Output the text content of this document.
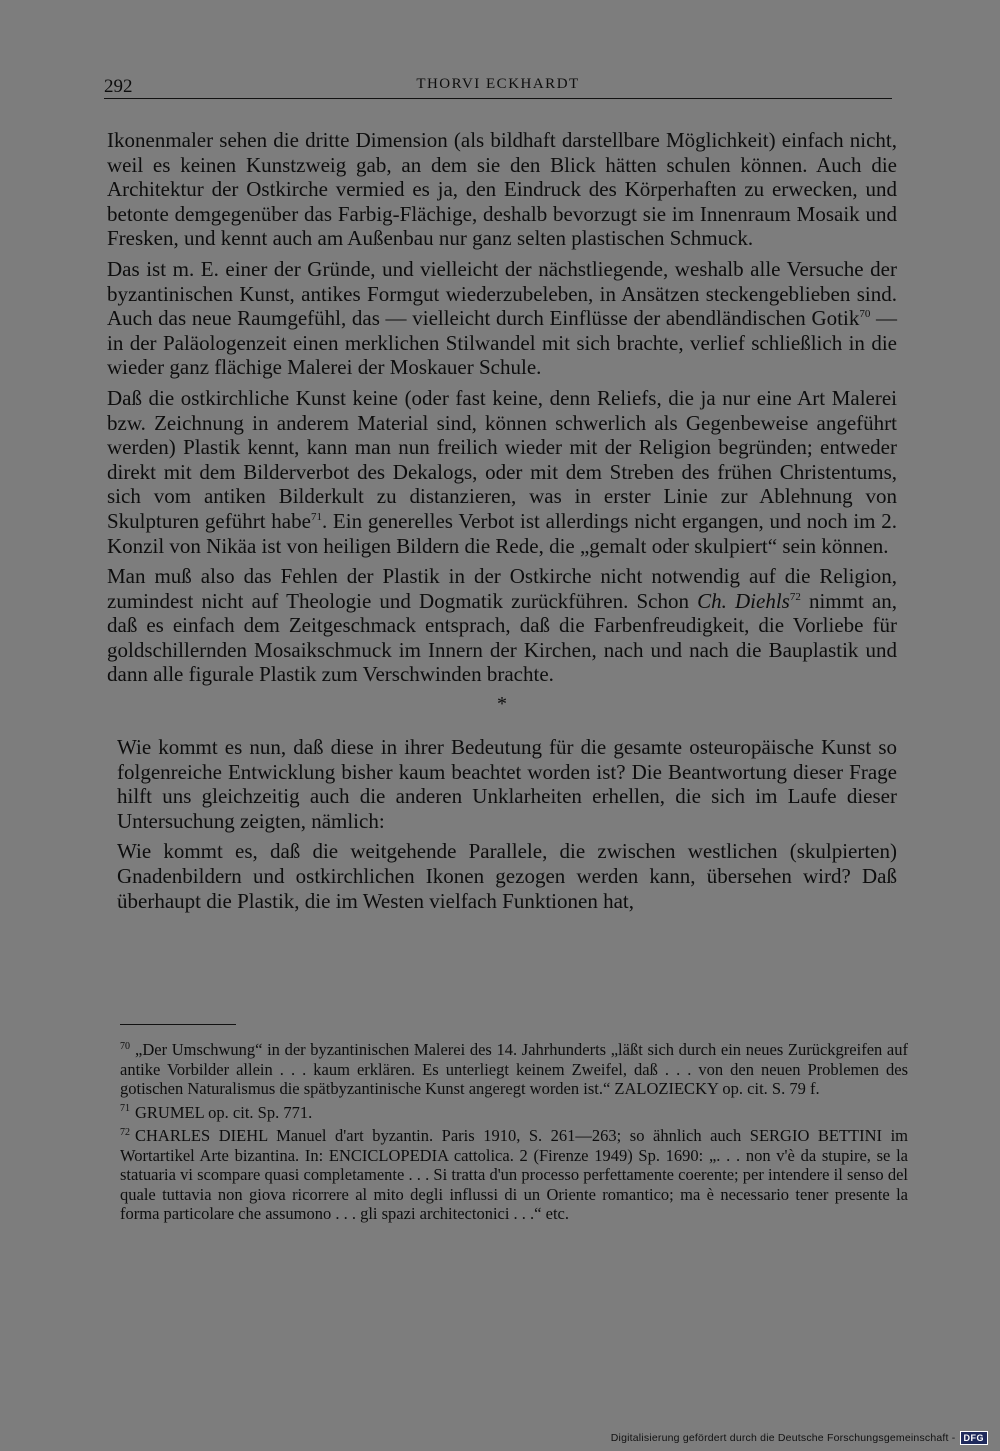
292	THORVI ECKHARDT

Ikonenmaler sehen die dritte Dimension (als bildhaft darstellbare Möglichkeit) einfach nicht, weil es keinen Kunstzweig gab, an dem sie den Blick hätten schulen können. Auch die Architektur der Ostkirche vermied es ja, den Eindruck des Körperhaften zu erwecken, und betonte demgegenüber das Farbig-Flächige, deshalb bevorzugt sie im Innenraum Mosaik und Fresken, und kennt auch am Außenbau nur ganz selten plastischen Schmuck.

Das ist m. E. einer der Gründe, und vielleicht der nächstliegende, weshalb alle Versuche der byzantinischen Kunst, antikes Formgut wiederzubeleben, in Ansätzen steckengeblieben sind. Auch das neue Raumgefühl, das — vielleicht durch Einflüsse der abendländischen Gotik$^{70}$ — in der Paläologenzeit einen merklichen Stilwandel mit sich brachte, verlief schließlich in die wieder ganz flächige Malerei der Moskauer Schule.

Daß die ostkirchliche Kunst keine (oder fast keine, denn Reliefs, die ja nur eine Art Malerei bzw. Zeichnung in anderem Material sind, können schwerlich als Gegenbeweise angeführt werden) Plastik kennt, kann man nun freilich wieder mit der Religion begründen; entweder direkt mit dem Bilderverbot des Dekalogs, oder mit dem Streben des frühen Christentums, sich vom antiken Bilderkult zu distanzieren, was in erster Linie zur Ablehnung von Skulpturen geführt habe$^{71}$. Ein generelles Verbot ist allerdings nicht ergangen, und noch im 2. Konzil von Nikäa ist von heiligen Bildern die Rede, die „gemalt oder skulpiert“ sein können.

Man muß also das Fehlen der Plastik in der Ostkirche nicht notwendig auf die Religion, zumindest nicht auf Theologie und Dogmatik zurückführen. Schon Ch. Diehls$^{72}$ nimmt an, daß es einfach dem Zeitgeschmack entsprach, daß die Farbenfreudigkeit, die Vorliebe für goldschillernden Mosaikschmuck im Innern der Kirchen, nach und nach die Bauplastik und dann alle figurale Plastik zum Verschwinden brachte.

*

Wie kommt es nun, daß diese in ihrer Bedeutung für die gesamte osteuropäische Kunst so folgenreiche Entwicklung bisher kaum beachtet worden ist? Die Beantwortung dieser Frage hilft uns gleichzeitig auch die anderen Unklarheiten erhellen, die sich im Laufe dieser Untersuchung zeigten, nämlich:

Wie kommt es, daß die weitgehende Parallele, die zwischen westlichen (skulpierten) Gnadenbildern und ostkirchlichen Ikonen gezogen werden kann, übersehen wird? Daß überhaupt die Plastik, die im Westen vielfach Funktionen hat,

$^{70}$ „Der Umschwung“ in der byzantinischen Malerei des 14. Jahrhunderts „läßt sich durch ein neues Zurückgreifen auf antike Vorbilder allein . . . kaum erklären. Es unterliegt keinem Zweifel, daß . . . von den neuen Problemen des gotischen Naturalismus die spätbyzantinische Kunst angeregt worden ist.“ ZALOZIECKY op. cit. S. 79 f.

$^{71}$ GRUMEL op. cit. Sp. 771.

$^{72}$ CHARLES DIEHL Manuel d'art byzantin. Paris 1910, S. 261—263; so ähnlich auch SERGIO BETTINI im Wortartikel Arte bizantina. In: ENCICLOPEDIA cattolica. 2 (Firenze 1949) Sp. 1690: „. . . non v'è da stupire, se la statuaria vi scompare quasi completamente . . . Si tratta d'un processo perfettamente coerente; per intendere il senso del quale tuttavia non giova ricorrere al mito degli influssi di un Oriente romantico; ma è necessario tener presente la forma particolare che assumono . . . gli spazi architectonici . . .“ etc.

Digitalisierung gefördert durch die Deutsche Forschungsgemeinschaft - DFG
